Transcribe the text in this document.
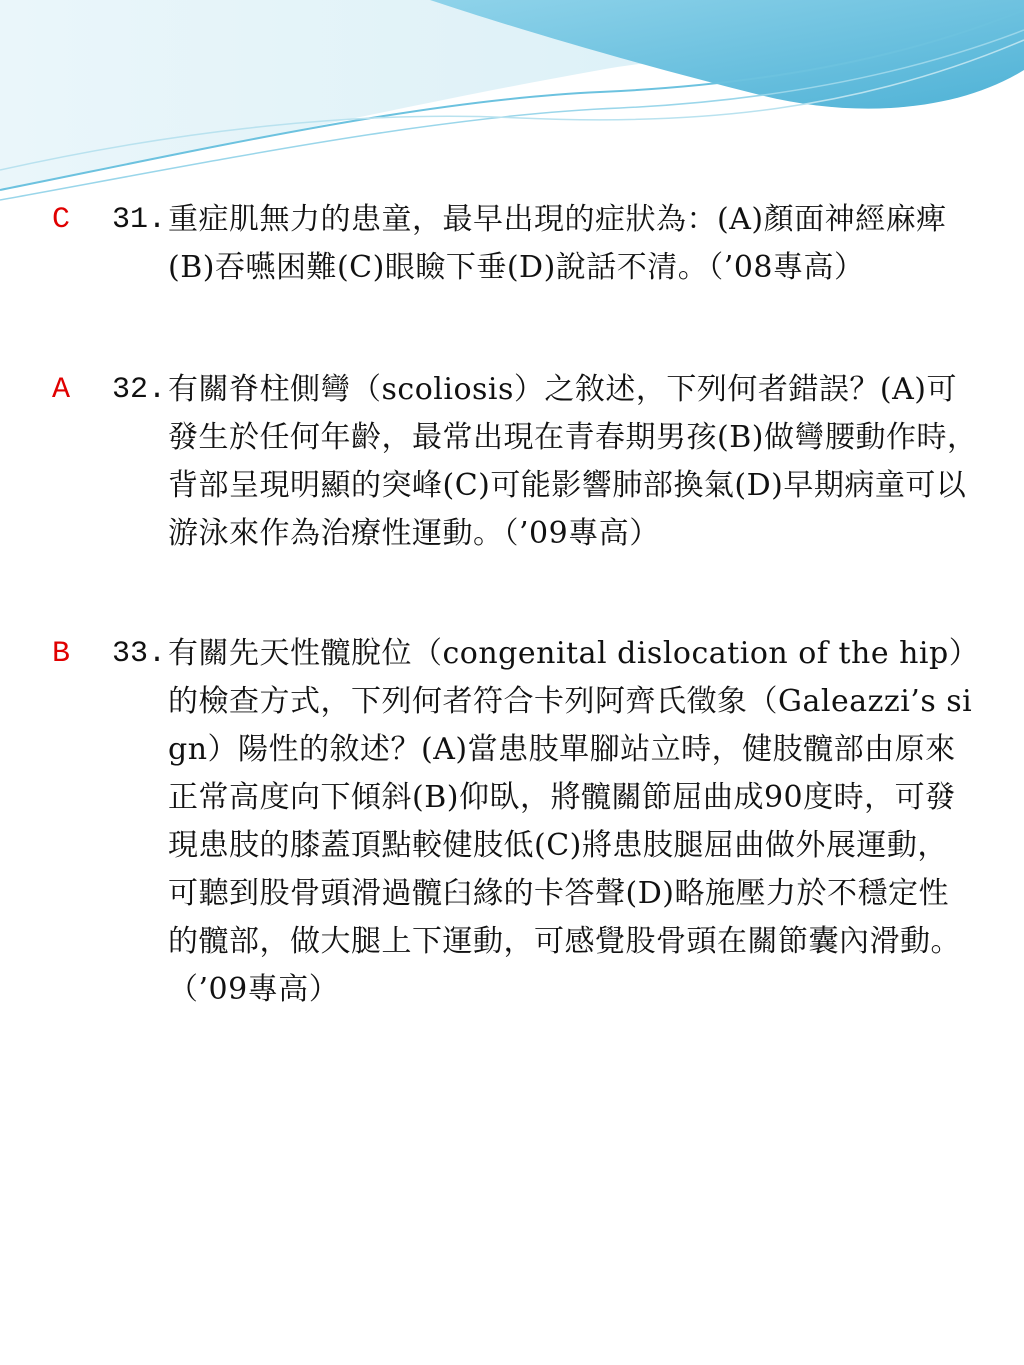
C 31. 重症肌無力的患童，最早出現的症狀為：(A)顏面神經麻痺(B)吞嚥困難(C)眼瞼下垂(D)說話不清。（’08專高）
A 32. 有關脊柱側彎（scoliosis）之敘述，下列何者錯誤？(A)可發生於任何年齡，最常出現在青春期男孩(B)做彎腰動作時，背部呈現明顯的突峰(C)可能影響肺部換氣(D)早期病童可以游泳來作為治療性運動。（’09專高）
B 33. 有關先天性髖脫位（congenital dislocation of the hip）的檢查方式，下列何者符合卡列阿齊氏徵象（Galeazzi’s sign）陽性的敘述？(A)當患肢單腳站立時，健肢髖部由原來正常高度向下傾斜(B)仰臥，將髖關節屈曲成90度時，可發現患肢的膝蓋頂點較健肢低(C)將患肢腿屈曲做外展運動，可聽到股骨頭滑過髖臼緣的卡答聲(D)略施壓力於不穩定性的髖部，做大腿上下運動，可感覺股骨頭在關節囊內滑動。（’09專高）
